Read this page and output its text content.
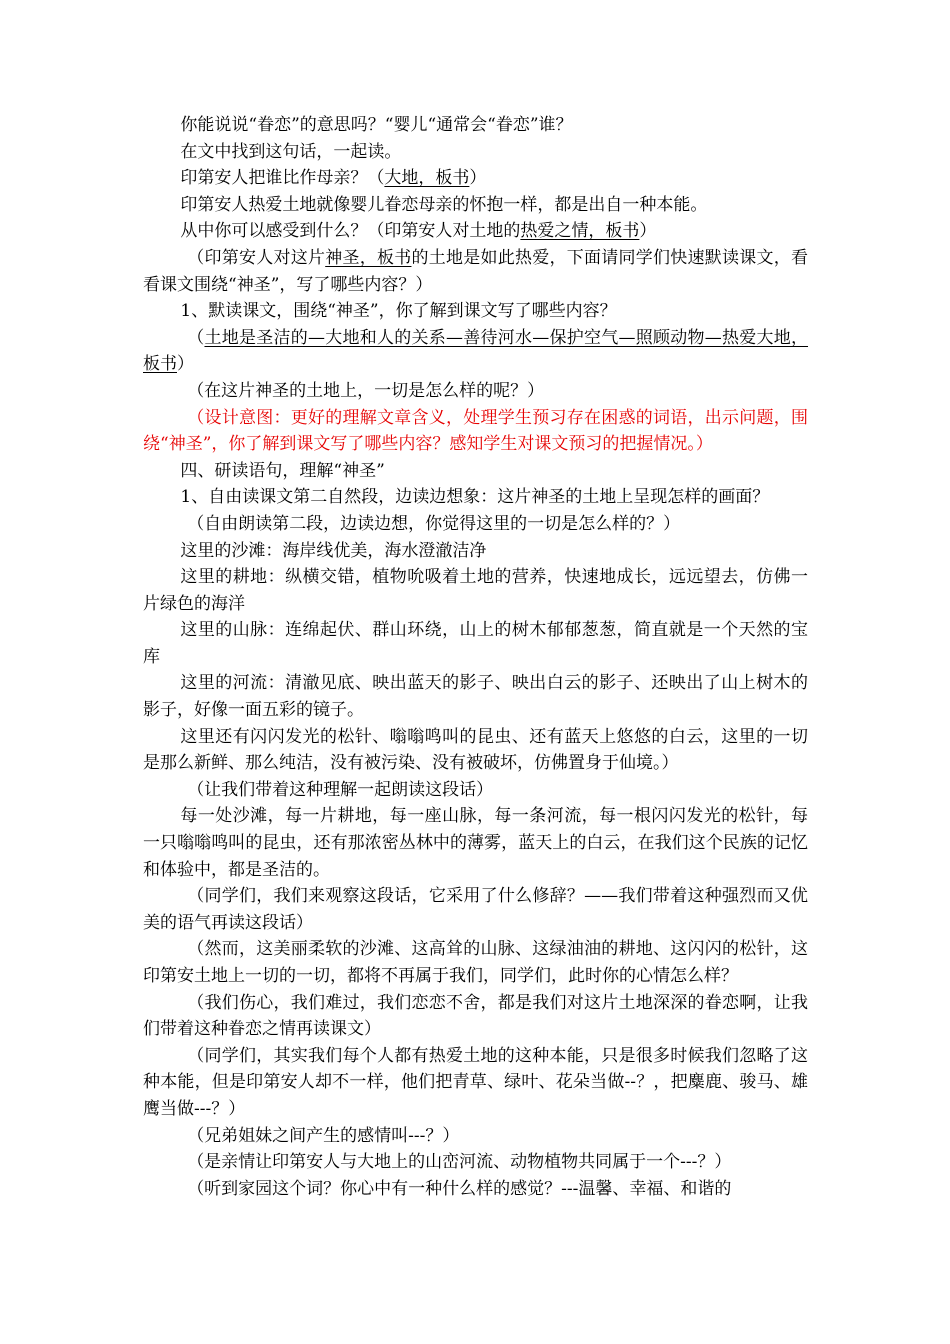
你能说说“眷恋”的意思吗？“婴儿“通常会“眷恋”谁？

在文中找到这句话，一起读。

印第安人把谁比作母亲？（大地，板书）

印第安人热爱土地就像婴儿眷恋母亲的怀抱一样，都是出自一种本能。

从中你可以感受到什么？（印第安人对土地的热爱之情，板书）

（印第安人对这片神圣，板书的土地是如此热爱，下面请同学们快速默读课文，看看课文围绕“神圣”，写了哪些内容？）

1、默读课文，围绕“神圣”，你了解到课文写了哪些内容？

（土地是圣洁的—大地和人的关系—善待河水—保护空气—照顾动物—热爱大地，板书）

（在这片神圣的土地上，一切是怎么样的呢？）

（设计意图：更好的理解文章含义，处理学生预习存在困惑的词语，出示问题，围绕“神圣”，你了解到课文写了哪些内容？感知学生对课文预习的把握情况。）

四、研读语句，理解“神圣”

1、自由读课文第二自然段，边读边想象：这片神圣的土地上呈现怎样的画面？

（自由朗读第二段，边读边想，你觉得这里的一切是怎么样的？）

这里的沙滩：海岸线优美，海水澄澈洁净

这里的耕地：纵横交错，植物吮吸着土地的营养，快速地成长，远远望去，仿佛一片绿色的海洋

这里的山脉：连绵起伏、群山环绕，山上的树木郁郁葱葱，简直就是一个天然的宝库

这里的河流：清澈见底、映出蓝天的影子、映出白云的影子、还映出了山上树木的影子，好像一面五彩的镜子。

这里还有闪闪发光的松针、嗡嗡鸣叫的昆虫、还有蓝天上悠悠的白云，这里的一切是那么新鲜、那么纯洁，没有被污染、没有被破坏，仿佛置身于仙境。）

（让我们带着这种理解一起朗读这段话）

每一处沙滩，每一片耕地，每一座山脉，每一条河流，每一根闪闪发光的松针，每一只嗡嗡鸣叫的昆虫，还有那浓密丛林中的薄雾，蓝天上的白云，在我们这个民族的记忆和体验中，都是圣洁的。

（同学们，我们来观察这段话，它采用了什么修辞？——我们带着这种强烈而又优美的语气再读这段话）

（然而，这美丽柔软的沙滩、这高耸的山脉、这绿油油的耕地、这闪闪的松针，这印第安土地上一切的一切，都将不再属于我们，同学们，此时你的心情怎么样？

（我们伤心，我们难过，我们恋恋不舍，都是我们对这片土地深深的眷恋啊，让我们带着这种眷恋之情再读课文）

（同学们，其实我们每个人都有热爱土地的这种本能，只是很多时候我们忽略了这种本能，但是印第安人却不一样，他们把青草、绿叶、花朵当做--？，把麋鹿、骏马、雄鹰当做---？）

（兄弟姐妹之间产生的感情叫---？）

（是亲情让印第安人与大地上的山峦河流、动物植物共同属于一个---？）

（听到家园这个词？你心中有一种什么样的感觉？---温馨、幸福、和谐的
